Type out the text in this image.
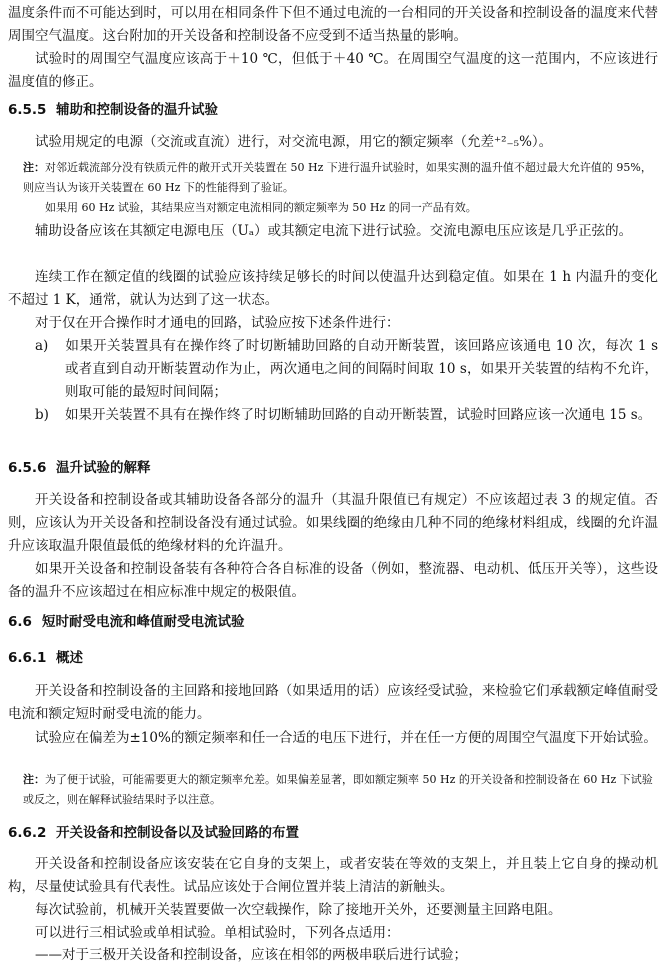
温度条件而不可能达到时，可以用在相同条件下但不通过电流的一台相同的开关设备和控制设备的温度来代替周围空气温度。这台附加的开关设备和控制设备不应受到不适当热量的影响。

试验时的周围空气温度应该高于＋10 ℃，但低于＋40 ℃。在周围空气温度的这一范围内，不应该进行温度值的修正。

6.5.5 辅助和控制设备的温升试验

试验用规定的电源（交流或直流）进行，对交流电源，用它的额定频率（允差⁺²₋₅%）。

注：对邻近载流部分没有铁质元件的敞开式开关装置在 50 Hz 下进行温升试验时，如果实测的温升值不超过最大允许值的 95%，则应当认为该开关装置在 60 Hz 下的性能得到了验证。

如果用 60 Hz 试验，其结果应当对额定电流相同的额定频率为 50 Hz 的同一产品有效。

辅助设备应该在其额定电源电压（Uₐ）或其额定电流下进行试验。交流电源电压应该是几乎正弦的。

连续工作在额定值的线圈的试验应该持续足够长的时间以使温升达到稳定值。如果在 1 h 内温升的变化不超过 1 K，通常，就认为达到了这一状态。

对于仅在开合操作时才通电的回路，试验应按下述条件进行：

a) 如果开关装置具有在操作终了时切断辅助回路的自动开断装置，该回路应该通电 10 次，每次 1 s 或者直到自动开断装置动作为止，两次通电之间的间隔时间取 10 s，如果开关装置的结构不允许，则取可能的最短时间间隔；

b) 如果开关装置不具有在操作终了时切断辅助回路的自动开断装置，试验时回路应该一次通电 15 s。

6.5.6 温升试验的解释

开关设备和控制设备或其辅助设备各部分的温升（其温升限值已有规定）不应该超过表 3 的规定值。否则，应该认为开关设备和控制设备没有通过试验。如果线圈的绝缘由几种不同的绝缘材料组成，线圈的允许温升应该取温升限值最低的绝缘材料的允许温升。

如果开关设备和控制设备装有各种符合各自标准的设备（例如，整流器、电动机、低压开关等），这些设备的温升不应该超过在相应标准中规定的极限值。

6.6 短时耐受电流和峰值耐受电流试验

6.6.1 概述

开关设备和控制设备的主回路和接地回路（如果适用的话）应该经受试验，来检验它们承载额定峰值耐受电流和额定短时耐受电流的能力。

试验应在偏差为±10%的额定频率和任一合适的电压下进行，并在任一方便的周围空气温度下开始试验。

注：为了便于试验，可能需要更大的额定频率允差。如果偏差显著，即如额定频率 50 Hz 的开关设备和控制设备在 60 Hz 下试验或反之，则在解释试验结果时予以注意。

6.6.2 开关设备和控制设备以及试验回路的布置

开关设备和控制设备应该安装在它自身的支架上，或者安装在等效的支架上，并且装上它自身的操动机构，尽量使试验具有代表性。试品应该处于合闸位置并装上清洁的新触头。

每次试验前，机械开关装置要做一次空载操作，除了接地开关外，还要测量主回路电阻。

可以进行三相试验或单相试验。单相试验时，下列各点适用：

——对于三极开关设备和控制设备，应该在相邻的两极串联后进行试验；
